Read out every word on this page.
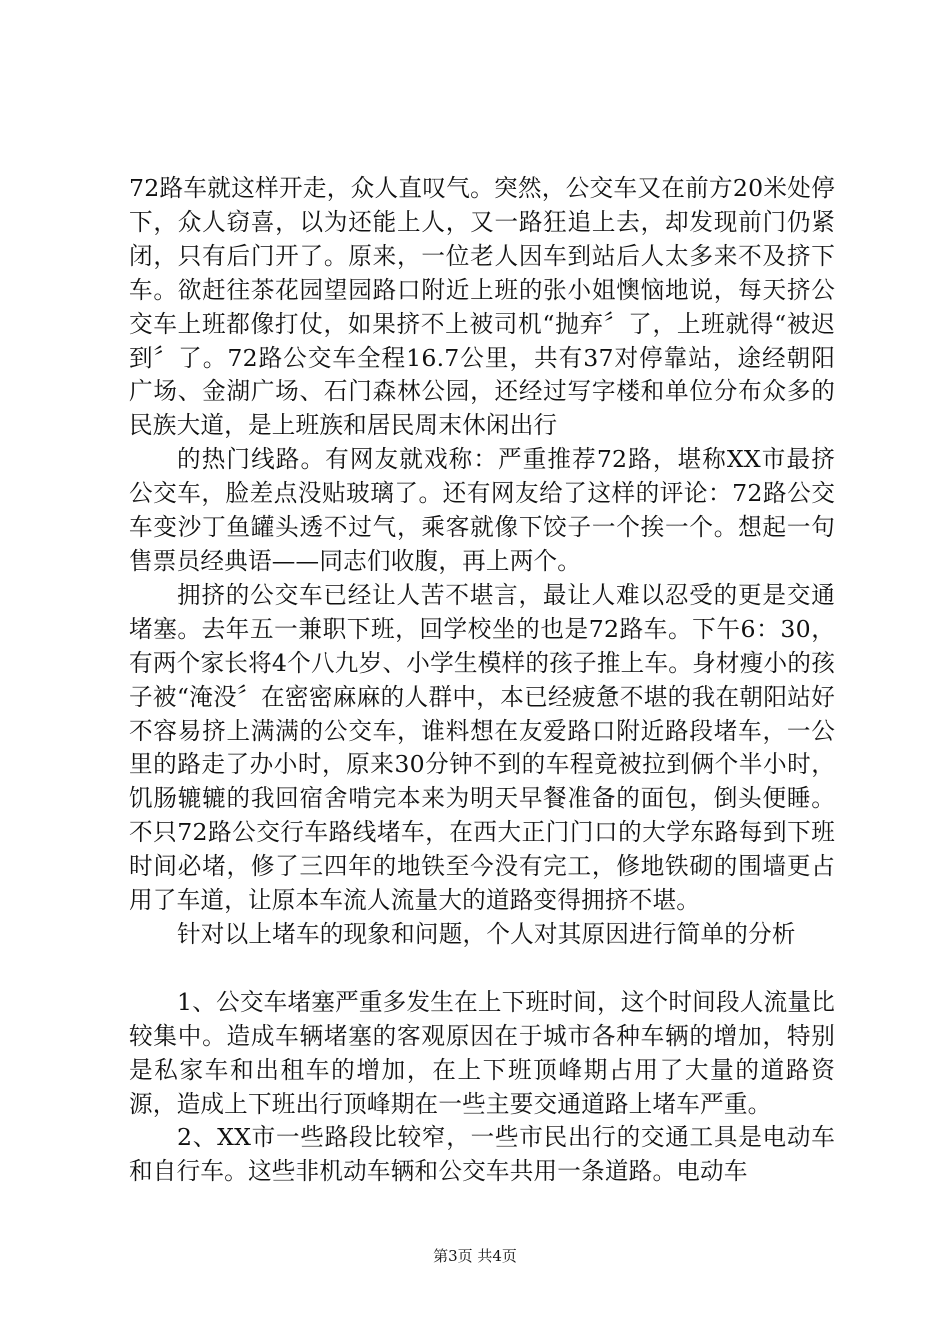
72路车就这样开走，众人直叹气。突然，公交车又在前方20米处停下，众人窃喜，以为还能上人，又一路狂追上去，却发现前门仍紧闭，只有后门开了。原来，一位老人因车到站后人太多来不及挤下车。欲赶往茶花园望园路口附近上班的张小姐懊恼地说，每天挤公交车上班都像打仗，如果挤不上被司机“抛弃〞了，上班就得“被迟到〞了。72路公交车全程16.7公里，共有37对停靠站，途经朝阳广场、金湖广场、石门森林公园，还经过写字楼和单位分布众多的民族大道，是上班族和居民周末休闲出行

的热门线路。有网友就戏称：严重推荐72路，堪称XX市最挤公交车，脸差点没贴玻璃了。还有网友给了这样的评论：72路公交车变沙丁鱼罐头透不过气，乘客就像下饺子一个挨一个。想起一句售票员经典语——同志们收腹，再上两个。

拥挤的公交车已经让人苦不堪言，最让人难以忍受的更是交通堵塞。去年五一兼职下班，回学校坐的也是72路车。下午6：30，有两个家长将4个八九岁、小学生模样的孩子推上车。身材瘦小的孩子被“淹没〞在密密麻麻的人群中，本已经疲惫不堪的我在朝阳站好不容易挤上满满的公交车，谁料想在友爱路口附近路段堵车，一公里的路走了办小时，原来30分钟不到的车程竟被拉到俩个半小时，饥肠辘辘的我回宿舍啃完本来为明天早餐准备的面包，倒头便睡。不只72路公交行车路线堵车，在西大正门门口的大学东路每到下班时间必堵，修了三四年的地铁至今没有完工，修地铁砌的围墙更占用了车道，让原本车流人流量大的道路变得拥挤不堪。

针对以上堵车的现象和问题，个人对其原因进行简单的分析

1、公交车堵塞严重多发生在上下班时间，这个时间段人流量比较集中。造成车辆堵塞的客观原因在于城市各种车辆的增加，特别是私家车和出租车的增加，在上下班顶峰期占用了大量的道路资源，造成上下班出行顶峰期在一些主要交通道路上堵车严重。

2、XX市一些路段比较窄，一些市民出行的交通工具是电动车和自行车。这些非机动车辆和公交车共用一条道路。电动车

第3页 共4页
